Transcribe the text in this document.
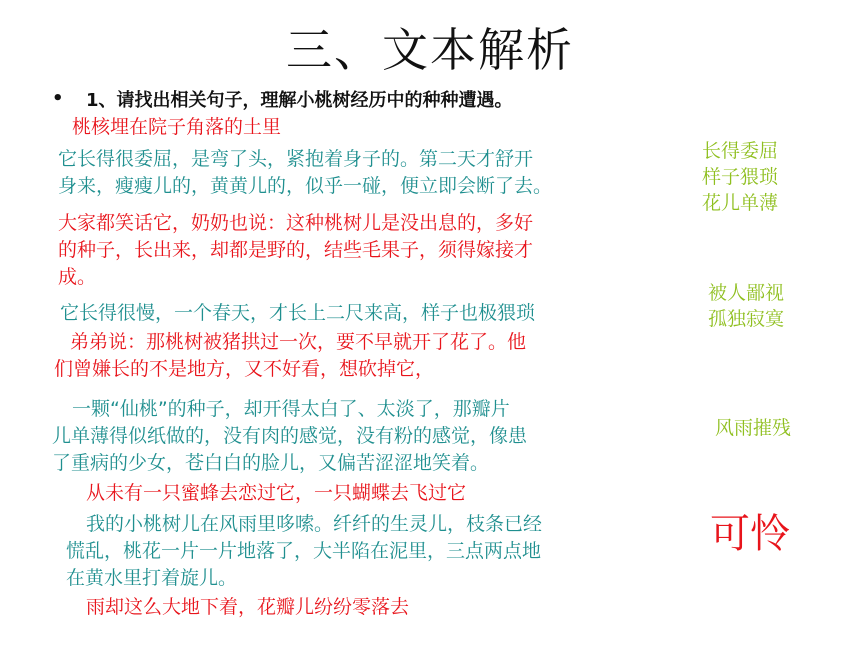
三、文本解析
• 1、请找出相关句子，理解小桃树经历中的种种遭遇。
桃核埋在院子角落的土里
它长得很委屈，是弯了头，紧抱着身子的。第二天才舒开
身来，瘦瘦儿的，黄黄儿的，似乎一碰，便立即会断了去。
大家都笑话它，奶奶也说：这种桃树儿是没出息的，多好
的种子，长出来，却都是野的，结些毛果子，须得嫁接才
成。
它长得很慢，一个春天，才长上二尺来高，样子也极猥琐
弟弟说：那桃树被猪拱过一次，要不早就开了花了。他
们曾嫌长的不是地方，又不好看，想砍掉它，
一颗“仙桃”的种子，却开得太白了、太淡了，那瓣片
儿单薄得似纸做的，没有肉的感觉，没有粉的感觉，像患
了重病的少女，苍白白的脸儿，又偏苦涩涩地笑着。
从未有一只蜜蜂去恋过它，一只蝴蝶去飞过它
我的小桃树儿在风雨里哆嗦。纤纤的生灵儿，枝条已经
慌乱，桃花一片一片地落了，大半陷在泥里，三点两点地
在黄水里打着旋儿。
雨却这么大地下着，花瓣儿纷纷零落去
长得委屈
样子猥琐
花儿单薄
被人鄙视
孤独寂寞
风雨摧残
可怜
